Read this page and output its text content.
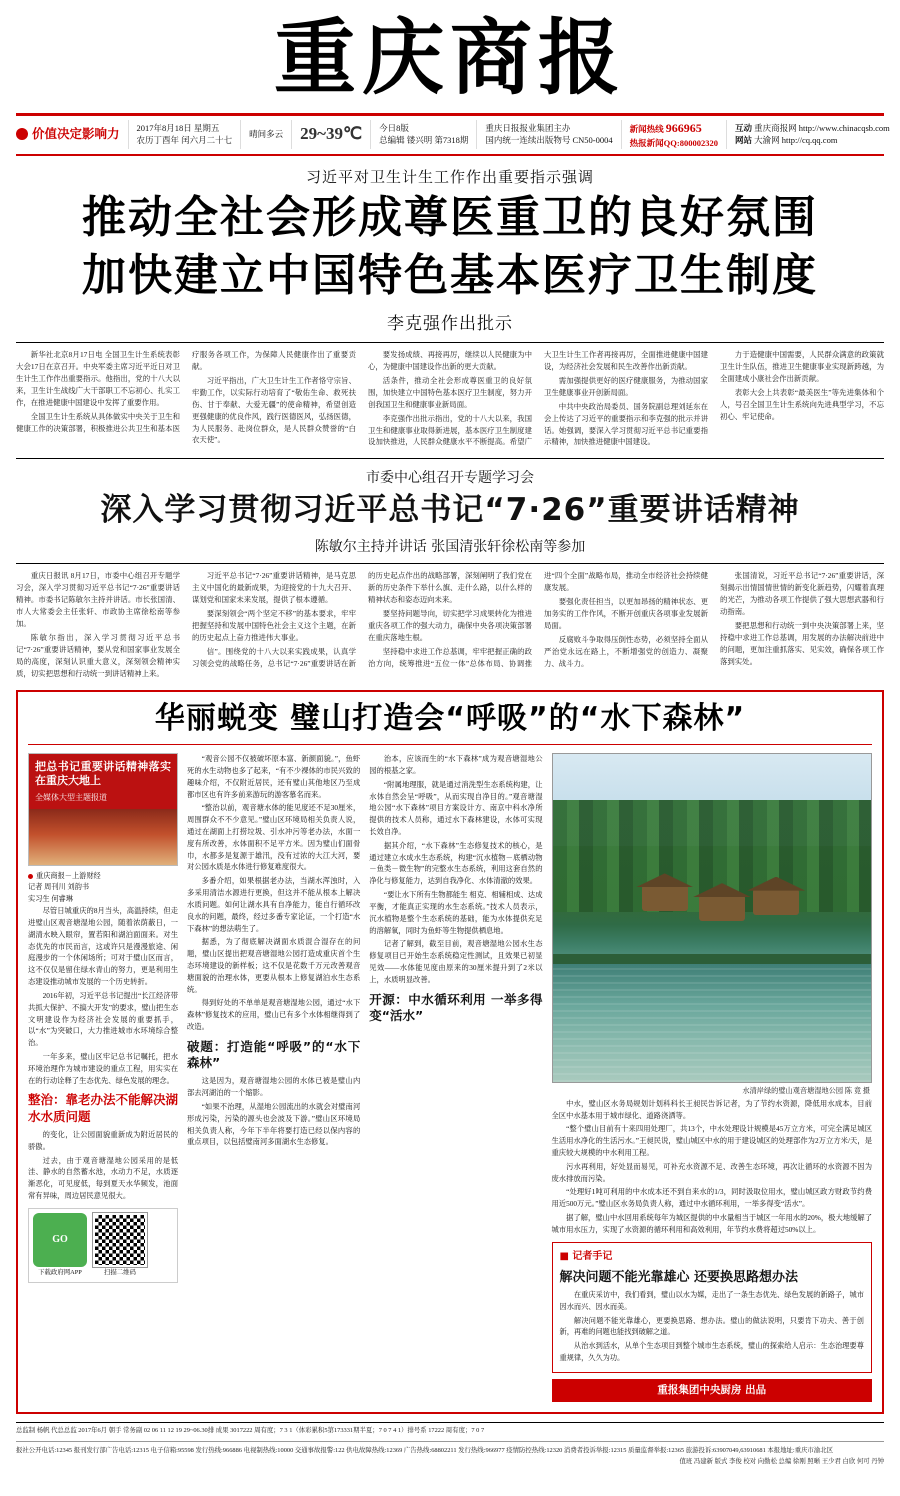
重庆商报
价值决定影响力 2017年8月18日 星期五
农历丁酉年 闰六月二十七
晴间多云 29~39℃ 今日8版
总编辑 镂兴明 第7318期
重庆日报报业集团主办
国内统一连续出版物号 CN50-0004
新闻热线 966965
热报新闻QQ:800002320
互动 重庆商报网 http://www.chinacqsb.com
网站 大渝网 http://cq.qq.com
习近平对卫生计生工作作出重要指示强调
推动全社会形成尊医重卫的良好氛围
加快建立中国特色基本医疗卫生制度
李克强作出批示

新华社北京8月17日电 全国卫生计生系统表彰大会17日在京召开。中央军委主席习近平近日对卫生计生工作作出重要指示。他指出，党的十八大以来，卫生计生战线广大干部职工不忘初心、扎实工作，在推进健康中国建设中发挥了重要作用。

全国卫生计生系统从具体做实中央关于卫生和健康工作的决策部署，积极推进公共卫生和基本医疗服务各项工作，为保障人民健康作出了重要贡献。

习近平指出，广大卫生计生工作者恪守宗旨、牢勤工作，以实际行动培育了“敬佑生命、救死扶伤、甘于奉献、大爱无疆”的使命精神，希望创造更强健康的优良作风，践行医德医风，弘扬医德，为人民服务、赴岗位群众，是人民群众赞誉的“白衣天使”。

要发扬成绩、再接再厉，继续以人民健康为中心，为健康中国建设作出新的更大贡献。

活条件，推动全社会形成尊医重卫的良好氛围，加快建立中国特色基本医疗卫生制度，努力开创我国卫生和健康事业新局面。

李克强作出批示指出，党的十八大以来，我国卫生和健康事业取得新进展，基本医疗卫生制度建设加快推进，人民群众健康水平不断提高。希望广大卫生计生工作者再接再厉，全面推进健康中国建设，为经济社会发展和民生改善作出新贡献。

需加强提供更好的医疗健康服务，为推动国家卫生健康事业开创新局面。

中共中央政治局委员、国务院副总理刘延东在会上传达了习近平的重要指示和李克强的批示并讲话。她强调，要深入学习贯彻习近平总书记重要指示精神，加快推进健康中国建设。

力于造健康中国需要，人民群众满意的政策就卫生计生队伍，推进卫生健康事业实现新跨越，为全面建成小康社会作出新贡献。

表彰大会上共表彰“最美医生”等先进集体和个人，号召全国卫生计生系统向先进典型学习，不忘初心、牢记使命。

市委中心组召开专题学习会
深入学习贯彻习近平总书记“7·26”重要讲话精神
陈敏尔主持并讲话 张国清张轩徐松南等参加

重庆日报讯 8月17日，市委中心组召开专题学习会，深入学习贯彻习近平总书记“7·26”重要讲话精神。市委书记陈敏尔主持并讲话。市长张国清、市人大常委会主任张轩、市政协主席徐松南等参加。

陈敏尔指出，深入学习贯彻习近平总书记“7·26”重要讲话精神，要从党和国家事业发展全局的高度，深刻认识重大意义，深刻领会精神实质，切实把思想和行动统一到讲话精神上来。

习近平总书记“7·26”重要讲话精神，是马克思主义中国化的最新成果，为迎接党的十九大召开、谋划党和国家未来发展，提供了根本遵循。

要深刻领会“两个坚定不移”的基本要求，牢牢把握坚持和发展中国特色社会主义这个主题，在新的历史起点上奋力推进伟大事业。

信”。围绕党的十八大以来实践成果，认真学习领会党的战略任务，总书记“7·26”重要讲话在新的历史起点作出的战略部署，深刻阐明了我们党在新的历史条件下举什么旗、走什么路，以什么样的精神状态和姿态迈向未来。

要坚持问题导向，切实把学习成果转化为推进重庆各项工作的强大动力，确保中央各项决策部署在重庆落地生根。

坚持稳中求进工作总基调，牢牢把握正确的政治方向，统筹推进“五位一体”总体布局、协调推进“四个全面”战略布局，推动全市经济社会持续健康发展。

要强化责任担当，以更加昂扬的精神状态、更加务实的工作作风，不断开创重庆各项事业发展新局面。

反腐败斗争取得压倒性态势，必须坚持全面从严治党永远在路上，不断增强党的创造力、凝聚力、战斗力。

张国清说，习近平总书记“7·26”重要讲话，深刻揭示出情国情世情的新变化新趋势，闪耀着真理的光芒，为推动各项工作提供了强大思想武器和行动指南。

要把思想和行动统一到中央决策部署上来，坚持稳中求进工作总基调，用发展的办法解决前进中的问题，更加注重抓落实、见实效，确保各项工作落到实处。

华丽蜕变 璧山打造会“呼吸”的“水下森林”
把总书记重要讲话精神落实在重庆大地上
全媒体大型主题报道
重庆商报－上游财经
记者 周刊川 刘韵书
实习生 何睿琳

尽管日城重庆的8月当头，高温持续，但走进璧山区观音塘湿地公园，随着浓荫蔽日，一湖清水映入眼帘，置若阳和湖泊面面来。对生态优先的市民而言，这或许只是漫漫旅途、闲庭漫步的一个休闲场所；可对于璧山区而言，这不仅仅是留住绿水青山的努力，更是利用生态建设推动城市发展的一个历史转折。

2016年初，习近平总书记提出“长江经济带共抓大保护、不搞大开发”的要求，璧山把生态文明建设作为经济社会发展的重要抓手，以“水”为突破口，大力推进城市水环境综合整治。

一年多来，璧山区牢记总书记嘱托，把水环境治理作为城市建设的重点工程，用实实在在的行动诠释了生态优先、绿色发展的理念。

整治：靠老办法不能解决湖水水质问题

的变化，让公园面貌重新成为附近居民的骄傲。

过去，由于观音塘湿地公园采用的是低洼、静水的自然蓄水池，水动力不足，水质逐渐恶化，可见度低，每到夏天水华频发，池面常有异味，周边居民意见很大。

GO
下载政府网APP	扫描二维码

“观音公园不仅被破坏原本富、新颜面貌。”，鱼虾死的水生动物也多了起来，“有不少裸体的市民兴致的趣味介绍，不仅附近居民，还有璧山其他地区乃至成都市区也有许多前来游玩的游客慕名而来。

“整治以前，观音塘水体的能见度还不足30厘米，周围群众不不少意见。”璧山区环境局相关负责人说，通过在湖面上打捞垃圾、引水冲污等老办法，水面一度有所改善，水体面积不足平方米。因为璧山们面骨巾，水都多是复源于雄汛，没有过浓的大江大河，要对公园水质是水体进行修复难度很大。

多番介绍，如果根据老办法，当湖水浑浊时，入多采用清洁水源进行更换，但这并不能从根本上解决水质问题。如何让湖水具有自净能力，能自行循环改良水的问题，最终，经过多番专家论证，一个打造“水下森林”的想法萌生了。

据悉，为了彻底解决湖面水质混合湿存在的问题，璧山区提出把观音塘湿地公园打造成重庆首个生态环境建设的新样板；这不仅是花数千万元改善观音塘面貌的治理水体，更要从根本上修复湖泊水生态系统。

得到好处的不单单是观音塘湿地公园，通过“水下森林”修复技术的应用，璧山已有多个水体相继得到了改造。

破题：打造能“呼吸”的“水下森林”

这是因为，观音塘湿地公园的水体已被是璧山内部去河湖泊的一个缩影。

“如果不治理，从湿地公园流出的水就会对璧南河形成污染，污染的源头也会波及下游。”璧山区环境局相关负责人称，今年下半年将要打造已经以保内容的重点项目，以包括璧南河多面湖水生态修复。

治本，应该而生的“水下森林”成为观音塘湿地公园的根基之家。

“附属地理服，就是通过消洗型生态系统构建，让水体自然会呈“呼吸”，从而实现自净目的。”观音塘湿地公园“水下森林”项目方案设计方、南京中科水净所提供的技术人员称，通过水下森林建设，水体可实现长效自净。

据其介绍，“水下森林”生态修复技术的核心，是通过建立水成水生态系统，构建“沉水植物－底栖动物－鱼类－微生物”的完整水生态系统，利用这套自然的净化与修复能力，达到自我净化、水体清澈的效果。

“要让水下所有生物都能生 相克、相辅相成、达成平衡，才能真正实现的水生态系统。”技术人员表示，沉水植物是整个生态系统的基础，能为水体提供充足的溶解氧，同时为鱼虾等生物提供栖息地。

记者了解到，截至目前，观音塘湿地公园水生态修复项目已开始生态系统稳定性测试，且效果已初显见效——水体能见度由原来的30厘米提升到了2米以上，水质明显改善。

开源：中水循环利用 一举多得变“活水”
水清岸绿的璧山观音塘湿地公园 陈 竟 摄

中水，璧山区水务局规划计划科科长王昶民告诉记者，为了节约水资源，降低用水成本，目前全区中水基本用于城市绿化、道路浇洒等。

“整个璧山目前有十来四用处理厂，共13个，中水处理设计规模是45万立方米，可完全满足城区生活用水净化的生活污水。”王昶民说，璧山城区中水的用于建设城区的处理部作为2万立方米/天，是重庆较大规模的中水利用工程。

污水再利用，好处显而易见，可补充水资源不足、改善生态环境，再次让循环的水资源不因为废水排放而污染。

“处理好1吨可利用的中水成本还不到自来水的1/3，同时汲取位用水，璧山城区政方财政节约费用近500万元。”璧山区水务局负责人称，通过中水循环利用，一举多得变“活水”。

据了解，璧山中水回用系统每年为城区提供的中水量相当于城区一年用水的20%，极大地缓解了城市用水压力，实现了水资源的循环利用和高效利用，年节约水费将超过50%以上。

■ 记者手记
解决问题不能光靠雄心 还要换思路想办法

在重庆采访中，我们看到，璧山以水为媒，走出了一条生态优先、绿色发展的新路子，城市因水而兴、因水而美。

解决问题不能光靠雄心，更要换思路、想办法。璧山的做法说明，只要肯下功夫、善于创新，再难的问题也能找到破解之道。

从治水到活水，从单个生态项目到整个城市生态系统，璧山的探索给人启示：生态治理要尊重规律，久久为功。

重报集团中央厨房 出品
总监制 杨帆 代总总监 2017年6月 朝手 常务副 02 06 11 12 19 29~06.30排 成果 3017222 周有度；7 3 1（体彩累积5第173331期半夏；7 0 7 4 1）排号系 17222 周有度；7 0 7
报社公开电话:12345 报刊发行部广告电话:12315 电子信箱:95598 发行热线:966886 电视制热线:10000 交通事故报警:122 供电故障热线:12369 广告热线:68802211 发行热线:966977 疫情防控热线:12320 消费者投诉举报:12315 质量监督举报:12365 旅游投诉:63907049,63910681 本报地址:重庆市渝北区
值班 冯建新 版式 李俊 校对 向勤松 总编 徐刚 照晰 王少君 白欣 何可 丹钟
